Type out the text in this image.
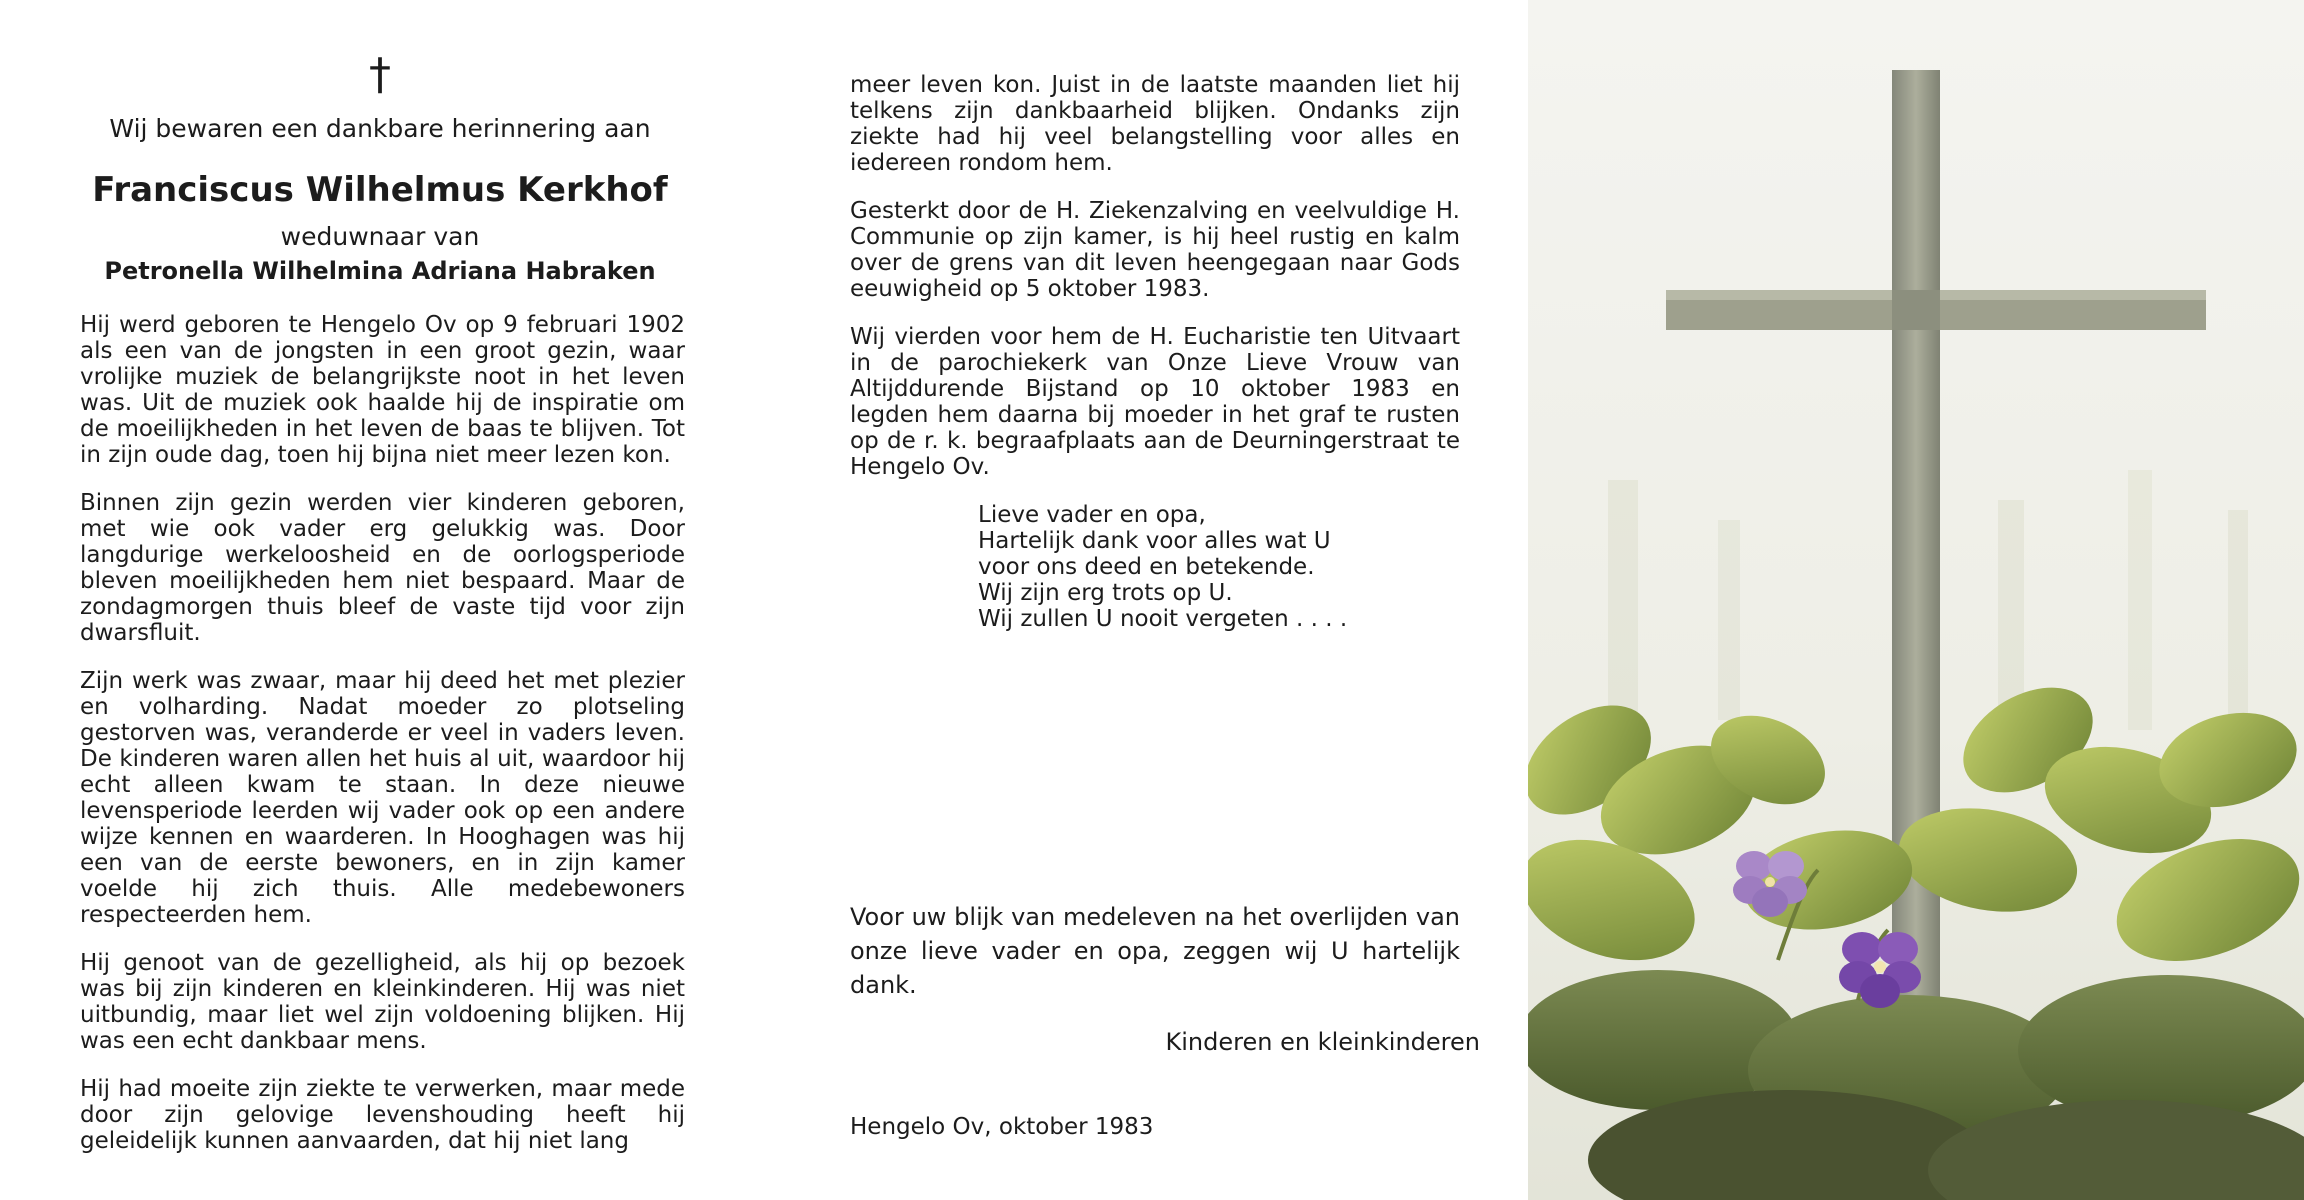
†
Wij bewaren een dankbare herinnering aan
Franciscus Wilhelmus Kerkhof
weduwnaar van
Petronella Wilhelmina Adriana Habraken

Hij werd geboren te Hengelo Ov op 9 februari 1902 als een van de jongsten in een groot gezin, waar vrolijke muziek de belangrijkste noot in het leven was. Uit de muziek ook haalde hij de inspiratie om de moeilijkheden in het leven de baas te blijven. Tot in zijn oude dag, toen hij bijna niet meer lezen kon.

Binnen zijn gezin werden vier kinderen geboren, met wie ook vader erg gelukkig was. Door langdurige werkeloosheid en de oorlogsperiode bleven moeilijkheden hem niet bespaard. Maar de zondagmorgen thuis bleef de vaste tijd voor zijn dwarsfluit.

Zijn werk was zwaar, maar hij deed het met plezier en volharding. Nadat moeder zo plotseling gestorven was, veranderde er veel in vaders leven. De kinderen waren allen het huis al uit, waardoor hij echt alleen kwam te staan. In deze nieuwe levensperiode leerden wij vader ook op een andere wijze kennen en waarderen. In Hooghagen was hij een van de eerste bewoners, en in zijn kamer voelde hij zich thuis. Alle medebewoners respecteerden hem.

Hij genoot van de gezelligheid, als hij op bezoek was bij zijn kinderen en kleinkinderen. Hij was niet uitbundig, maar liet wel zijn voldoening blijken. Hij was een echt dankbaar mens.

Hij had moeite zijn ziekte te verwerken, maar mede door zijn gelovige levenshouding heeft hij geleidelijk kunnen aanvaarden, dat hij niet lang

meer leven kon. Juist in de laatste maanden liet hij telkens zijn dankbaarheid blijken. Ondanks zijn ziekte had hij veel belangstelling voor alles en iedereen rondom hem.

Gesterkt door de H. Ziekenzalving en veelvuldige H. Communie op zijn kamer, is hij heel rustig en kalm over de grens van dit leven heengegaan naar Gods eeuwigheid op 5 oktober 1983.

Wij vierden voor hem de H. Eucharistie ten Uitvaart in de parochiekerk van Onze Lieve Vrouw van Altijddurende Bijstand op 10 oktober 1983 en legden hem daarna bij moeder in het graf te rusten op de r. k. begraafplaats aan de Deurningerstraat te Hengelo Ov.

Lieve vader en opa,
Hartelijk dank voor alles wat U
voor ons deed en betekende.
Wij zijn erg trots op U.
Wij zullen U nooit vergeten . . . .
Voor uw blijk van medeleven na het overlijden van onze lieve vader en opa, zeggen wij U hartelijk dank.
Kinderen en kleinkinderen
Hengelo Ov, oktober 1983
